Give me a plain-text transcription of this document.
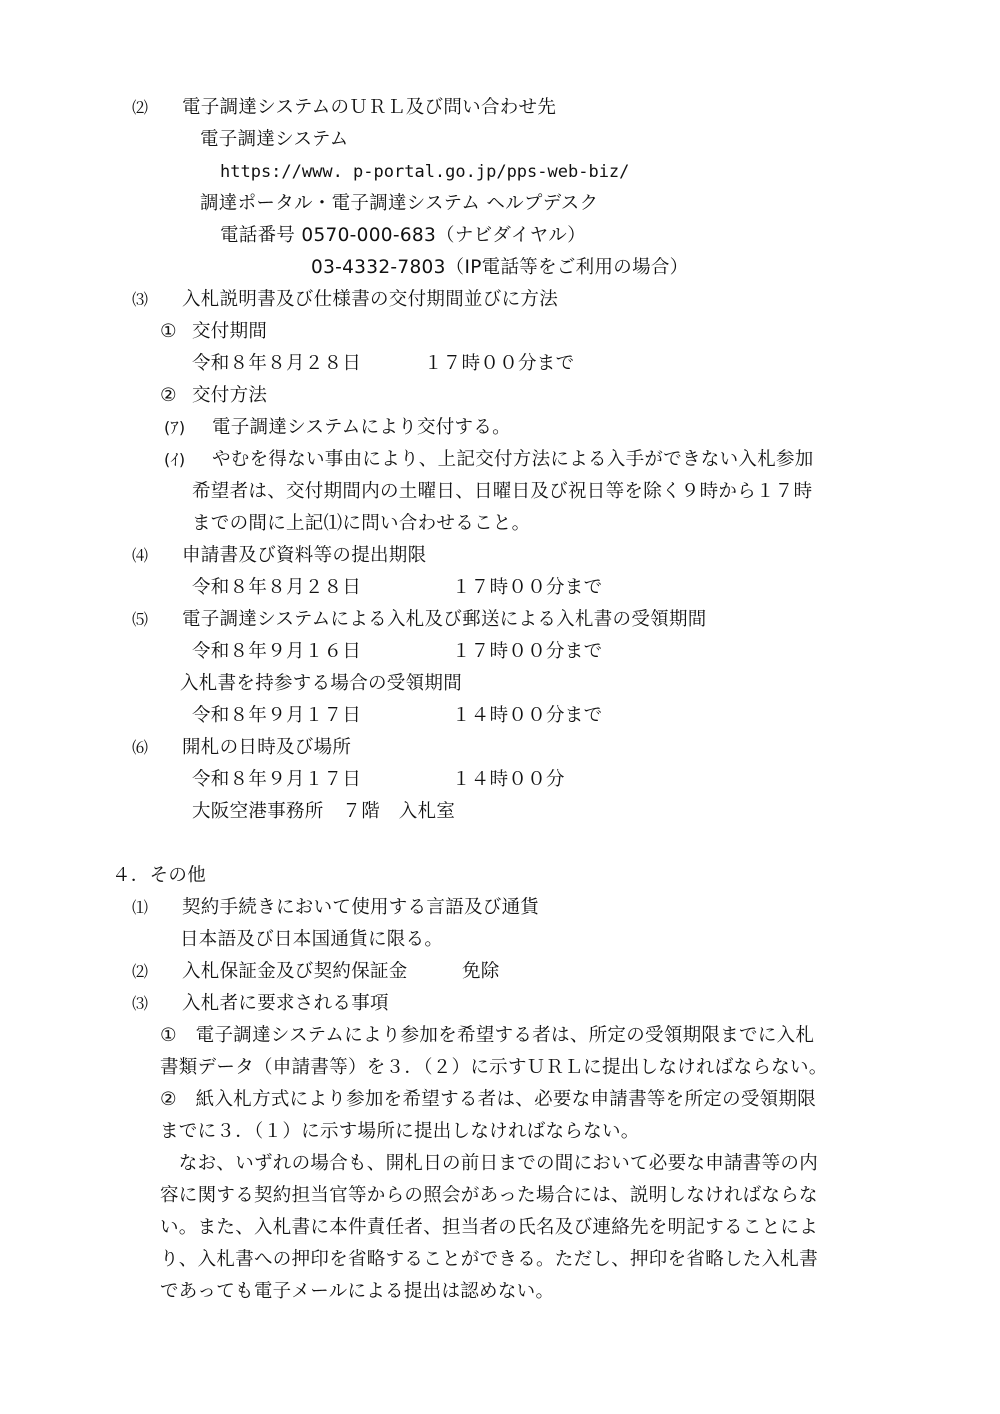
⑵ 電子調達システムのＵＲＬ及び問い合わせ先
電子調達システム
https://www. p-portal.go.jp/pps-web-biz/
調達ポータル・電子調達システム ヘルプデスク
電話番号 0570-000-683（ナビダイヤル）
03-4332-7803（IP電話等をご利用の場合）
⑶ 入札説明書及び仕様書の交付期間並びに方法
① 交付期間
令和８年８月２８日	１７時００分まで
② 交付方法
(ｱ) 電子調達システムにより交付する。
(ｲ) やむを得ない事由により、上記交付方法による入手ができない入札参加
希望者は、交付期間内の土曜日、日曜日及び祝日等を除く９時から１７時
までの間に上記⑴に問い合わせること。
⑷ 申請書及び資料等の提出期限
令和８年８月２８日	１７時００分まで
⑸ 電子調達システムによる入札及び郵送による入札書の受領期間
令和８年９月１６日	１７時００分まで
入札書を持参する場合の受領期間
令和８年９月１７日	１４時００分まで
⑹ 開札の日時及び場所
令和８年９月１７日	１４時００分
大阪空港事務所　７階　入札室
４．その他
⑴ 契約手続きにおいて使用する言語及び通貨
日本語及び日本国通貨に限る。
⑵ 入札保証金及び契約保証金	免除
⑶ 入札者に要求される事項
①　電子調達システムにより参加を希望する者は、所定の受領期限までに入札
書類データ（申請書等）を３．（２）に示すＵＲＬに提出しなければならない。
②　紙入札方式により参加を希望する者は、必要な申請書等を所定の受領期限
までに３．（１）に示す場所に提出しなければならない。
　なお、いずれの場合も、開札日の前日までの間において必要な申請書等の内
容に関する契約担当官等からの照会があった場合には、説明しなければならな
い。また、入札書に本件責任者、担当者の氏名及び連絡先を明記することによ
り、入札書への押印を省略することができる。ただし、押印を省略した入札書
であっても電子メールによる提出は認めない。
